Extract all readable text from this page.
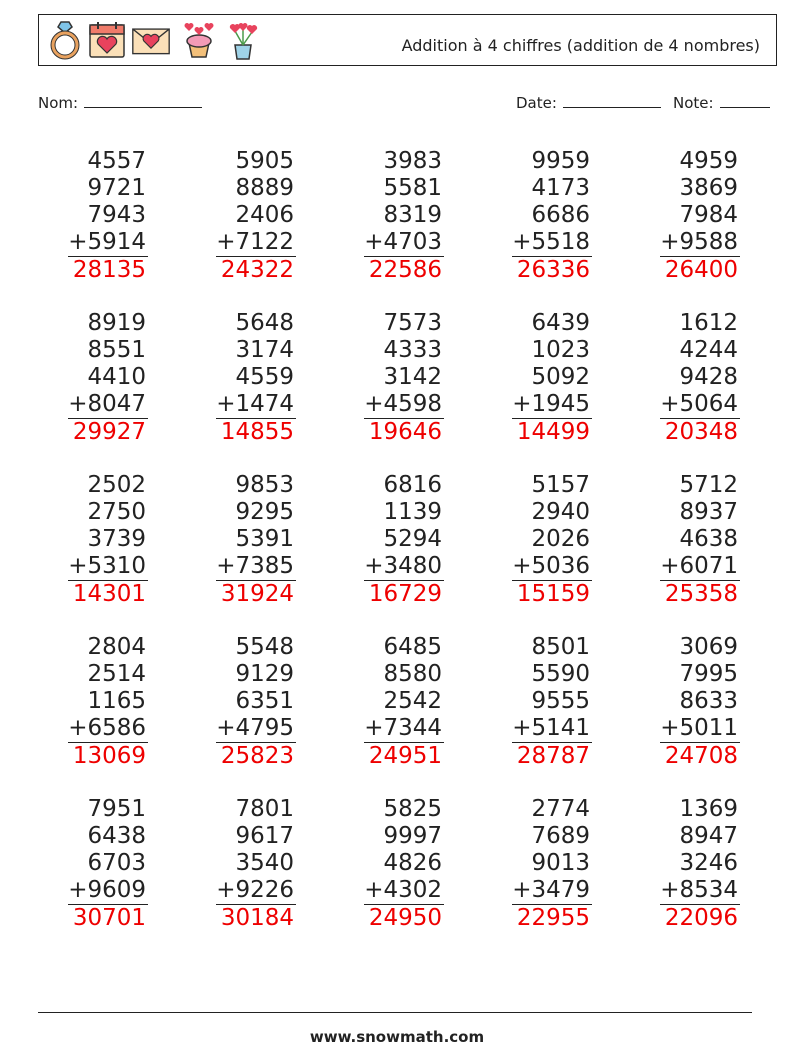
Addition à 4 chiffres (addition de 4 nombres)
Nom:	Date:	Note:
4557
9721
7943
+5914
28135
5905
8889
2406
+7122
24322
3983
5581
8319
+4703
22586
9959
4173
6686
+5518
26336
4959
3869
7984
+9588
26400
8919
8551
4410
+8047
29927
5648
3174
4559
+1474
14855
7573
4333
3142
+4598
19646
6439
1023
5092
+1945
14499
1612
4244
9428
+5064
20348
2502
2750
3739
+5310
14301
9853
9295
5391
+7385
31924
6816
1139
5294
+3480
16729
5157
2940
2026
+5036
15159
5712
8937
4638
+6071
25358
2804
2514
1165
+6586
13069
5548
9129
6351
+4795
25823
6485
8580
2542
+7344
24951
8501
5590
9555
+5141
28787
3069
7995
8633
+5011
24708
7951
6438
6703
+9609
30701
7801
9617
3540
+9226
30184
5825
9997
4826
+4302
24950
2774
7689
9013
+3479
22955
1369
8947
3246
+8534
22096
www.snowmath.com
